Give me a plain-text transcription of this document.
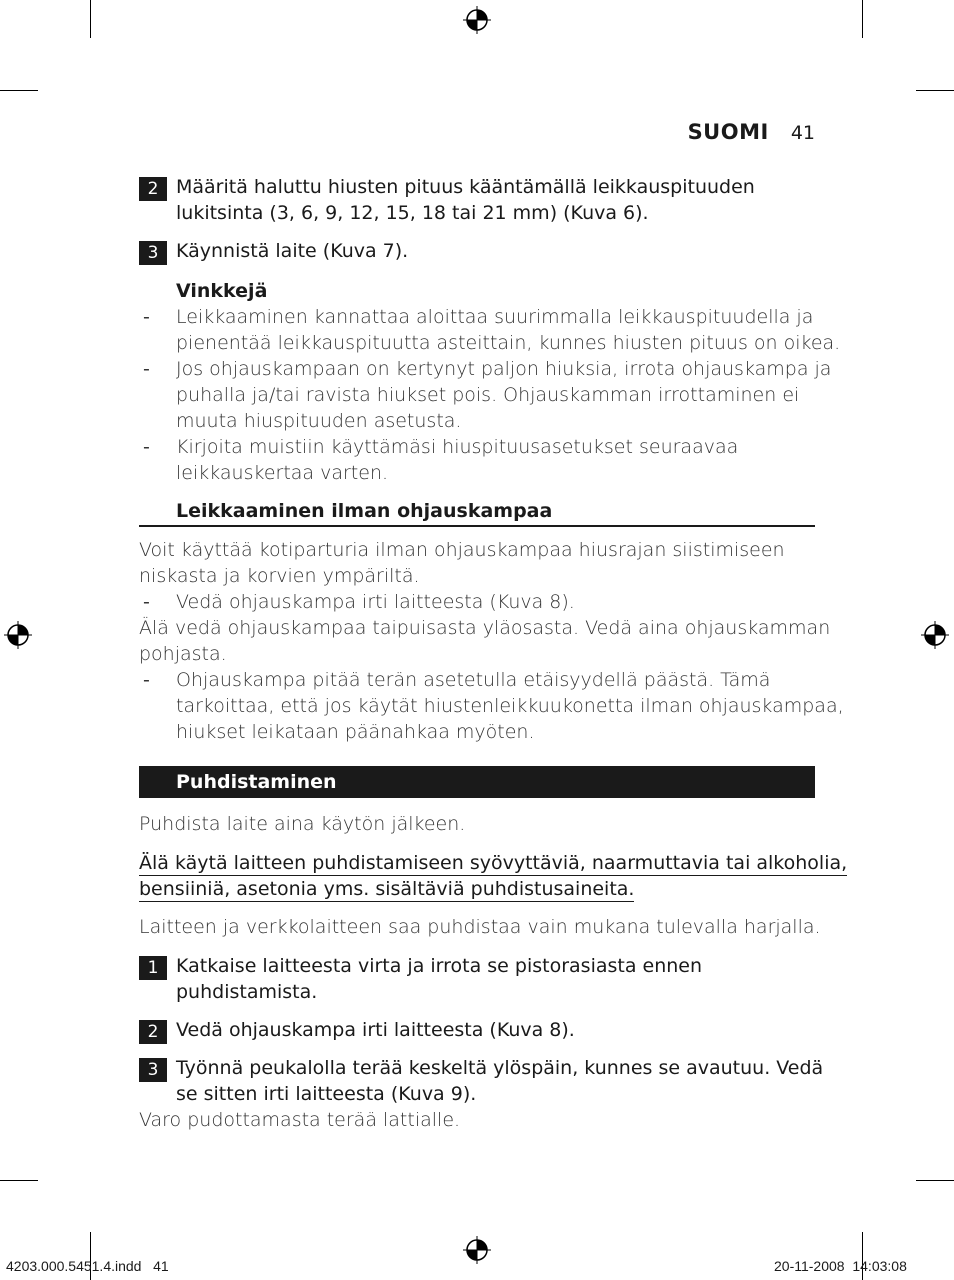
SUOMI 41
2 Määritä haluttu hiusten pituus kääntämällä leikkauspituuden
lukitsinta (3, 6, 9, 12, 15, 18 tai 21 mm) (Kuva 6).
3 Käynnistä laite (Kuva 7).
Vinkkejä
- Leikkaaminen kannattaa aloittaa suurimmalla leikkauspituudella ja
pienentää leikkauspituutta asteittain, kunnes hiusten pituus on oikea.
- Jos ohjauskampaan on kertynyt paljon hiuksia, irrota ohjauskampa ja
puhalla ja/tai ravista hiukset pois. Ohjauskamman irrottaminen ei
muuta hiuspituuden asetusta.
- Kirjoita muistiin käyttämäsi hiuspituusasetukset seuraavaa
leikkauskertaa varten.
Leikkaaminen ilman ohjauskampaa
Voit käyttää kotiparturia ilman ohjauskampaa hiusrajan siistimiseen
niskasta ja korvien ympäriltä.
- Vedä ohjauskampa irti laitteesta (Kuva 8).
Älä vedä ohjauskampaa taipuisasta yläosasta. Vedä aina ohjauskamman
pohjasta.
- Ohjauskampa pitää terän asetetulla etäisyydellä päästä. Tämä
tarkoittaa, että jos käytät hiustenleikkuukonetta ilman ohjauskampaa,
hiukset leikataan päänahkaa myöten.
Puhdistaminen
Puhdista laite aina käytön jälkeen.
Älä käytä laitteen puhdistamiseen syövyttäviä, naarmuttavia tai alkoholia,
bensiiniä, asetonia yms. sisältäviä puhdistusaineita.
Laitteen ja verkkolaitteen saa puhdistaa vain mukana tulevalla harjalla.
1 Katkaise laitteesta virta ja irrota se pistorasiasta ennen
puhdistamista.
2 Vedä ohjauskampa irti laitteesta (Kuva 8).
3 Työnnä peukalolla terää keskeltä ylöspäin, kunnes se avautuu. Vedä
se sitten irti laitteesta (Kuva 9).
Varo pudottamasta terää lattialle.
4203.000.5451.4.indd 41	20-11-2008 14:03:08
